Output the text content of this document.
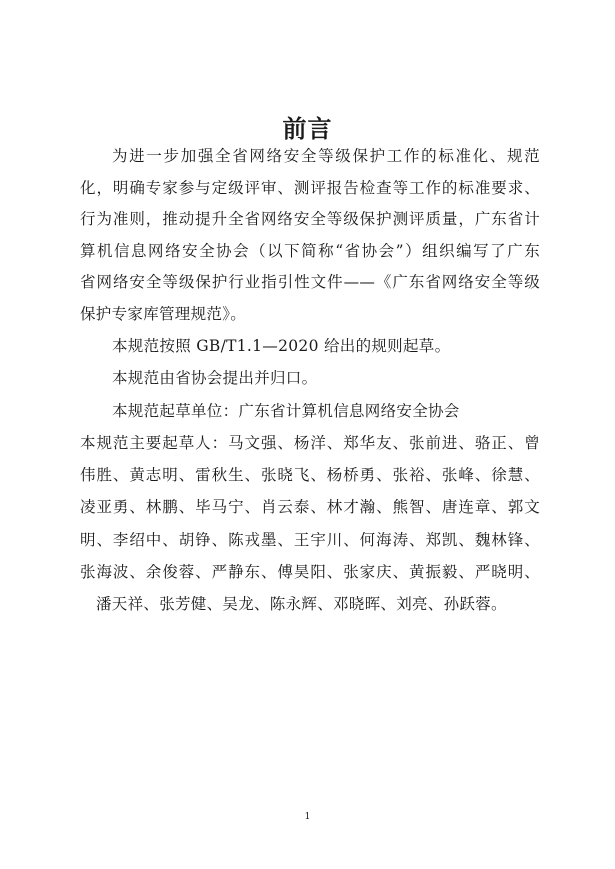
前言
为进一步加强全省网络安全等级保护工作的标准化、规范
化，明确专家参与定级评审、测评报告检查等工作的标准要求、
行为准则，推动提升全省网络安全等级保护测评质量，广东省计
算机信息网络安全协会（以下简称“省协会”）组织编写了广东
省网络安全等级保护行业指引性文件——《广东省网络安全等级
保护专家库管理规范》。
本规范按照 GB/T1.1—2020 给出的规则起草。
本规范由省协会提出并归口。
本规范起草单位：广东省计算机信息网络安全协会
本规范主要起草人：马文强、杨洋、郑华友、张前进、骆正、曾
伟胜、黄志明、雷秋生、张晓飞、杨桥勇、张裕、张峰、徐慧、
凌亚勇、林鹏、毕马宁、肖云泰、林才瀚、熊智、唐连章、郭文
明、李绍中、胡铮、陈戎墨、王宇川、何海涛、郑凯、魏林锋、
张海波、余俊蓉、严静东、傅昊阳、张家庆、黄振毅、严晓明、
潘天祥、张芳健、吴龙、陈永辉、邓晓晖、刘亮、孙跃蓉。
1
